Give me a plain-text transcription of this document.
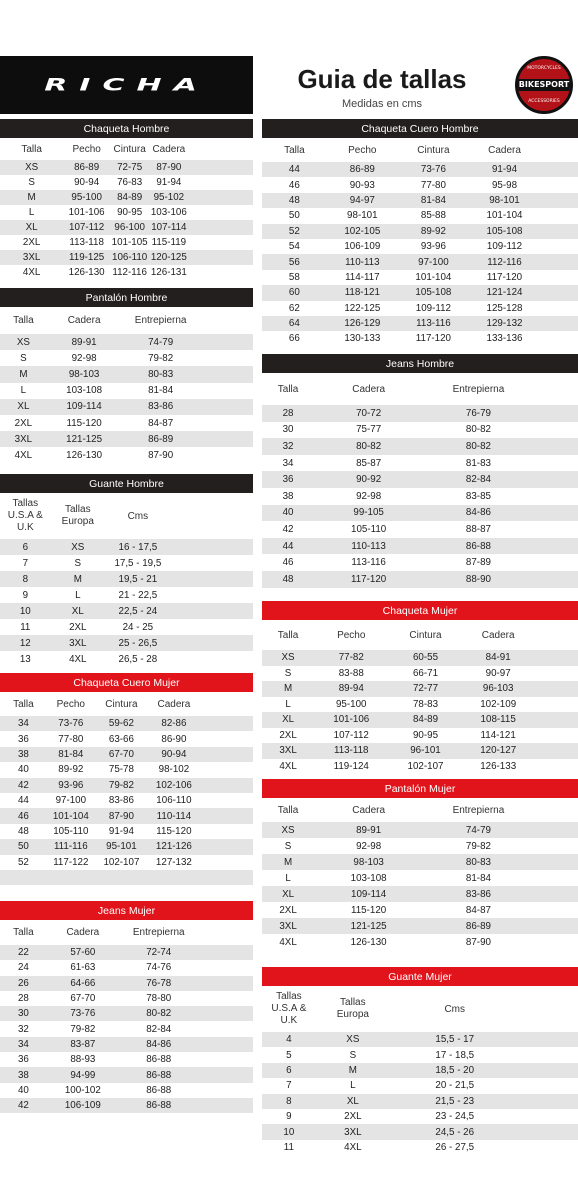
RICHA	Guia de tallas
Medidas en cms
MOTORCYCLES
BIKESPORT
ACCESSORIES
Chaqueta Hombre
Talla	Pecho	Cintura Cadera
XS	86-89	72-75	87-90
S	90-94	76-83	91-94
M	95-100	84-89	95-102
L	101-106	90-95 103-106
XL	107-112	96-100 107-114
2XL	113-118 101-105 115-119
3XL	119-125 106-110 120-125
4XL	126-130 112-116 126-131
Pantalón Hombre
Talla	Cadera	Entrepierna
XS	89-91	74-79
S	92-98	79-82
M	98-103	80-83
L	103-108	81-84
XL	109-114	83-86
2XL	115-120	84-87
3XL	121-125	86-89
4XL	126-130	87-90
Guante Hombre
Tallas
U.S.A & U.K
Tallas
Europa	Cms
6	XS	16 - 17,5
7	S	17,5 - 19,5
8	M	19,5 - 21
9	L	21 - 22,5
10	XL	22,5 - 24
11	2XL	24 - 25
12	3XL	25 - 26,5
13	4XL	26,5 - 28
Chaqueta Cuero Mujer
Talla	Pecho	Cintura	Cadera
34	73-76	59-62	82-86
36	77-80	63-66	86-90
38	81-84	67-70	90-94
40	89-92	75-78	98-102
42	93-96	79-82	102-106
44	97-100	83-86	106-110
46	101-104	87-90	110-114
48	105-110	91-94	115-120
50	111-116	95-101	121-126
52	117-122	102-107	127-132
Jeans Mujer
Talla	Cadera	Entrepierna
22	57-60	72-74
24	61-63	74-76
26	64-66	76-78
28	67-70	78-80
30	73-76	80-82
32	79-82	82-84
34	83-87	84-86
36	88-93	86-88
38	94-99	86-88
40	100-102	86-88
42	106-109	86-88
Chaqueta Cuero Hombre
Talla	Pecho	Cintura	Cadera
44	86-89	73-76	91-94
46	90-93	77-80	95-98
48	94-97	81-84	98-101
50	98-101	85-88	101-104
52	102-105	89-92	105-108
54	106-109	93-96	109-112
56	110-113	97-100	112-116
58	114-117	101-104	117-120
60	118-121	105-108	121-124
62	122-125	109-112	125-128
64	126-129	113-116	129-132
66	130-133	117-120	133-136
Jeans Hombre
Talla	Cadera	Entrepierna
28	70-72	76-79
30	75-77	80-82
32	80-82	80-82
34	85-87	81-83
36	90-92	82-84
38	92-98	83-85
40	99-105	84-86
42	105-110	88-87
44	110-113	86-88
46	113-116	87-89
48	117-120	88-90
Chaqueta Mujer
Talla	Pecho	Cintura	Cadera
XS	77-82	60-55	84-91
S	83-88	66-71	90-97
M	89-94	72-77	96-103
L	95-100	78-83	102-109
XL	101-106	84-89	108-115
2XL	107-112	90-95	114-121
3XL	113-118	96-101	120-127
4XL	119-124	102-107	126-133
Pantalón Mujer
Talla	Cadera	Entrepierna
XS	89-91	74-79
S	92-98	79-82
M	98-103	80-83
L	103-108	81-84
XL	109-114	83-86
2XL	115-120	84-87
3XL	121-125	86-89
4XL	126-130	87-90
Guante Mujer
Tallas
U.S.A & U.K
Tallas
Europa	Cms
4	XS	15,5 - 17
5	S	17 - 18,5
6	M	18,5 - 20
7	L	20 - 21,5
8	XL	21,5 - 23
9	2XL	23 - 24,5
10	3XL	24,5 - 26
11	4XL	26 - 27,5
